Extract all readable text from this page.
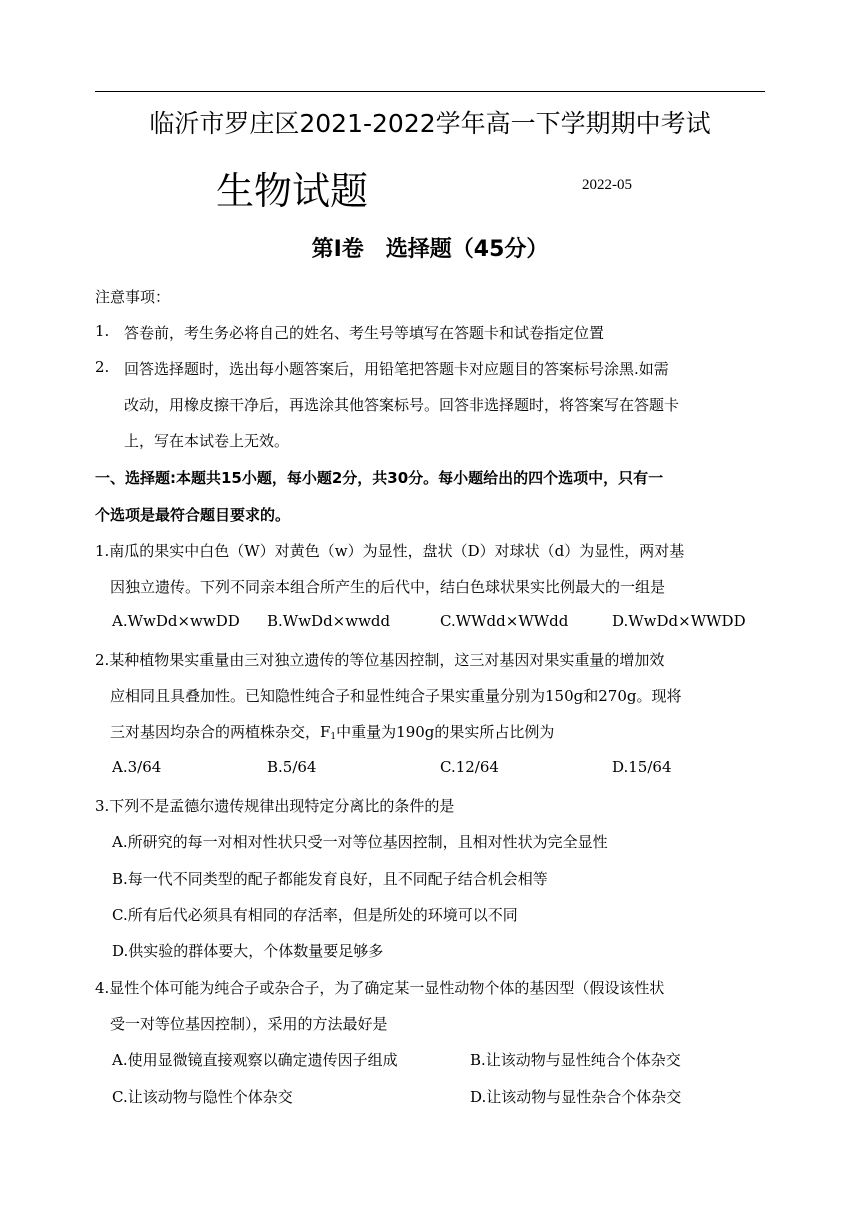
临沂市罗庄区2021-2022学年高一下学期期中考试
生物试题	2022-05
第Ⅰ卷　选择题（45分）
注意事项：
1. 答卷前，考生务必将自己的姓名、考生号等填写在答题卡和试卷指定位置
2. 回答选择题时，选出每小题答案后，用铅笔把答题卡对应题目的答案标号涂黑.如需
改动，用橡皮擦干净后，再选涂其他答案标号。回答非选择题时，将答案写在答题卡
上，写在本试卷上无效。
一、选择题:本题共15小题，每小题2分，共30分。每小题给出的四个选项中，只有一
个选项是最符合题目要求的。
1.南瓜的果实中白色（W）对黄色（w）为显性，盘状（D）对球状（d）为显性，两对基
因独立遗传。下列不同亲本组合所产生的后代中，结白色球状果实比例最大的一组是
A.WwDd×wwDD B.WwDd×wwdd	C.WWdd×WWdd	D.WwDd×WWDD
2.某种植物果实重量由三对独立遗传的等位基因控制，这三对基因对果实重量的增加效
应相同且具叠加性。已知隐性纯合子和显性纯合子果实重量分别为150g和270g。现将
三对基因均杂合的两植株杂交，$F_1$中重量为190g的果实所占比例为
A.3/64	B.5/64	C.12/64	D.15/64
3.下列不是孟德尔遗传规律出现特定分离比的条件的是
A.所研究的每一对相对性状只受一对等位基因控制，且相对性状为完全显性
B.每一代不同类型的配子都能发育良好，且不同配子结合机会相等
C.所有后代必须具有相同的存活率，但是所处的环境可以不同
D.供实验的群体要大，个体数量要足够多
4.显性个体可能为纯合子或杂合子，为了确定某一显性动物个体的基因型（假设该性状
受一对等位基因控制），采用的方法最好是
A.使用显微镜直接观察以确定遗传因子组成	B.让该动物与显性纯合个体杂交
C.让该动物与隐性个体杂交	D.让该动物与显性杂合个体杂交
